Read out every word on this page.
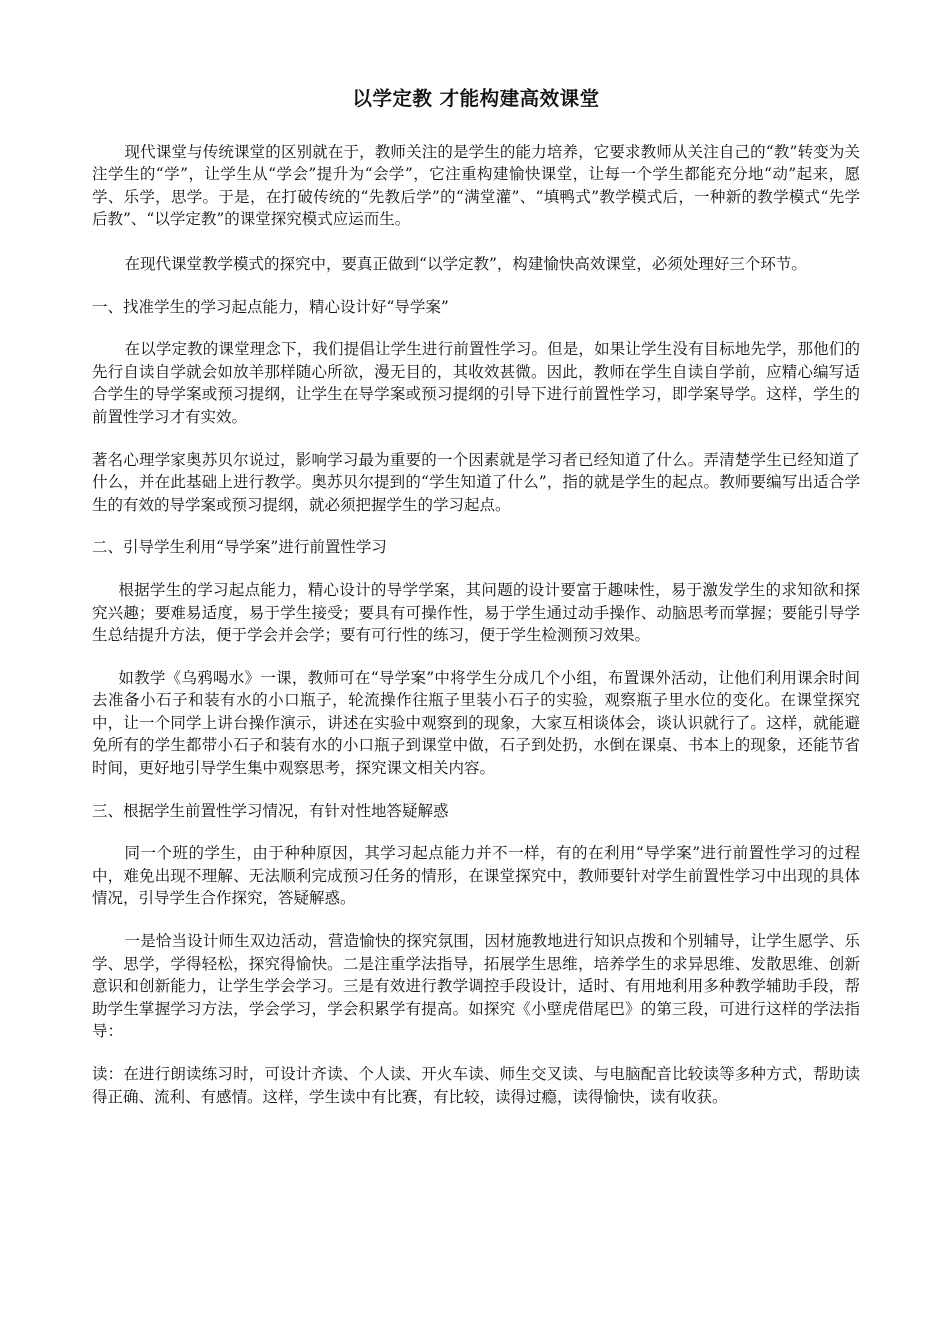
以学定教 才能构建高效课堂

现代课堂与传统课堂的区别就在于，教师关注的是学生的能力培养，它要求教师从关注自己的“教”转变为关注学生的“学”，让学生从“学会”提升为“会学”，它注重构建愉快课堂，让每一个学生都能充分地“动”起来，愿学、乐学，思学。于是，在打破传统的“先教后学”的“满堂灌”、“填鸭式”教学模式后，一种新的教学模式“先学后教”、“以学定教”的课堂探究模式应运而生。

在现代课堂教学模式的探究中，要真正做到“以学定教”，构建愉快高效课堂，必须处理好三个环节。

一、找准学生的学习起点能力，精心设计好“导学案”

在以学定教的课堂理念下，我们提倡让学生进行前置性学习。但是，如果让学生没有目标地先学，那他们的先行自读自学就会如放羊那样随心所欲，漫无目的，其收效甚微。因此，教师在学生自读自学前，应精心编写适合学生的导学案或预习提纲，让学生在导学案或预习提纲的引导下进行前置性学习，即学案导学。这样，学生的前置性学习才有实效。

著名心理学家奥苏贝尔说过，影响学习最为重要的一个因素就是学习者已经知道了什么。弄清楚学生已经知道了什么，并在此基础上进行教学。奥苏贝尔提到的“学生知道了什么”，指的就是学生的起点。教师要编写出适合学生的有效的导学案或预习提纲，就必须把握学生的学习起点。

二、引导学生利用“导学案”进行前置性学习

根据学生的学习起点能力，精心设计的导学学案，其问题的设计要富于趣味性，易于激发学生的求知欲和探究兴趣；要难易适度，易于学生接受；要具有可操作性，易于学生通过动手操作、动脑思考而掌握；要能引导学生总结提升方法，便于学会并会学；要有可行性的练习，便于学生检测预习效果。

如教学《乌鸦喝水》一课，教师可在“导学案”中将学生分成几个小组，布置课外活动，让他们利用课余时间去准备小石子和装有水的小口瓶子，轮流操作往瓶子里装小石子的实验，观察瓶子里水位的变化。在课堂探究中，让一个同学上讲台操作演示，讲述在实验中观察到的现象，大家互相谈体会，谈认识就行了。这样，就能避免所有的学生都带小石子和装有水的小口瓶子到课堂中做，石子到处扔，水倒在课桌、书本上的现象，还能节省时间，更好地引导学生集中观察思考，探究课文相关内容。

三、根据学生前置性学习情况，有针对性地答疑解惑

同一个班的学生，由于种种原因，其学习起点能力并不一样，有的在利用“导学案”进行前置性学习的过程中，难免出现不理解、无法顺利完成预习任务的情形，在课堂探究中，教师要针对学生前置性学习中出现的具体情况，引导学生合作探究，答疑解惑。

一是恰当设计师生双边活动，营造愉快的探究氛围，因材施教地进行知识点拨和个别辅导，让学生愿学、乐学、思学，学得轻松，探究得愉快。二是注重学法指导，拓展学生思维，培养学生的求异思维、发散思维、创新意识和创新能力，让学生学会学习。三是有效进行教学调控手段设计，适时、有用地利用多种教学辅助手段，帮助学生掌握学习方法，学会学习，学会积累学有提高。如探究《小壁虎借尾巴》的第三段，可进行这样的学法指导：

读：在进行朗读练习时，可设计齐读、个人读、开火车读、师生交叉读、与电脑配音比较读等多种方式，帮助读得正确、流利、有感情。这样，学生读中有比赛，有比较，读得过瘾，读得愉快，读有收获。
